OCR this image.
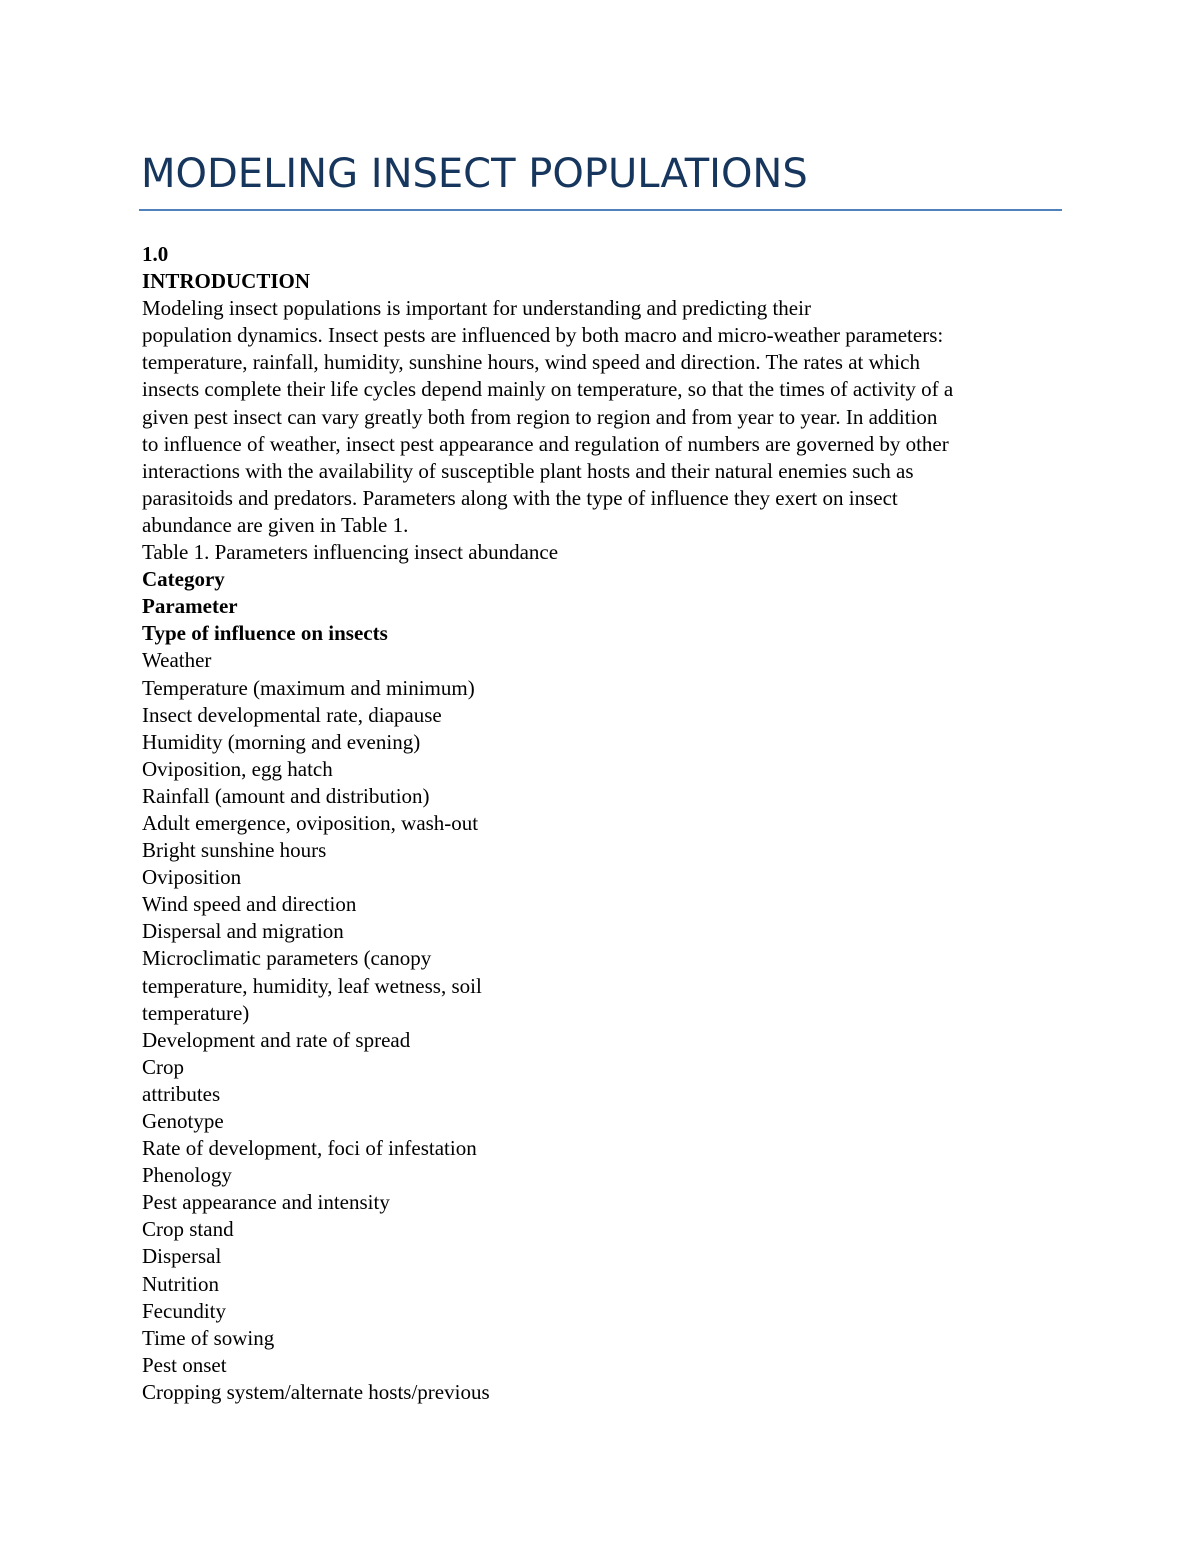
MODELING INSECT POPULATIONS
1.0
INTRODUCTION
Modeling insect populations is important for understanding and predicting their
population dynamics. Insect pests are influenced by both macro and micro-weather parameters:
temperature, rainfall, humidity, sunshine hours, wind speed and direction. The rates at which
insects complete their life cycles depend mainly on temperature, so that the times of activity of a
given pest insect can vary greatly both from region to region and from year to year. In addition
to influence of weather, insect pest appearance and regulation of numbers are governed by other
interactions with the availability of susceptible plant hosts and their natural enemies such as
parasitoids and predators. Parameters along with the type of influence they exert on insect
abundance are given in Table 1.
Table 1. Parameters influencing insect abundance
Category
Parameter
Type of influence on insects
Weather
Temperature (maximum and minimum)
Insect developmental rate, diapause
Humidity (morning and evening)
Oviposition, egg hatch
Rainfall (amount and distribution)
Adult emergence, oviposition, wash-out
Bright sunshine hours
Oviposition
Wind speed and direction
Dispersal and migration
Microclimatic parameters (canopy
temperature, humidity, leaf wetness, soil
temperature)
Development and rate of spread
Crop
attributes
Genotype
Rate of development, foci of infestation
Phenology
Pest appearance and intensity
Crop stand
Dispersal
Nutrition
Fecundity
Time of sowing
Pest onset
Cropping system/alternate hosts/previous
